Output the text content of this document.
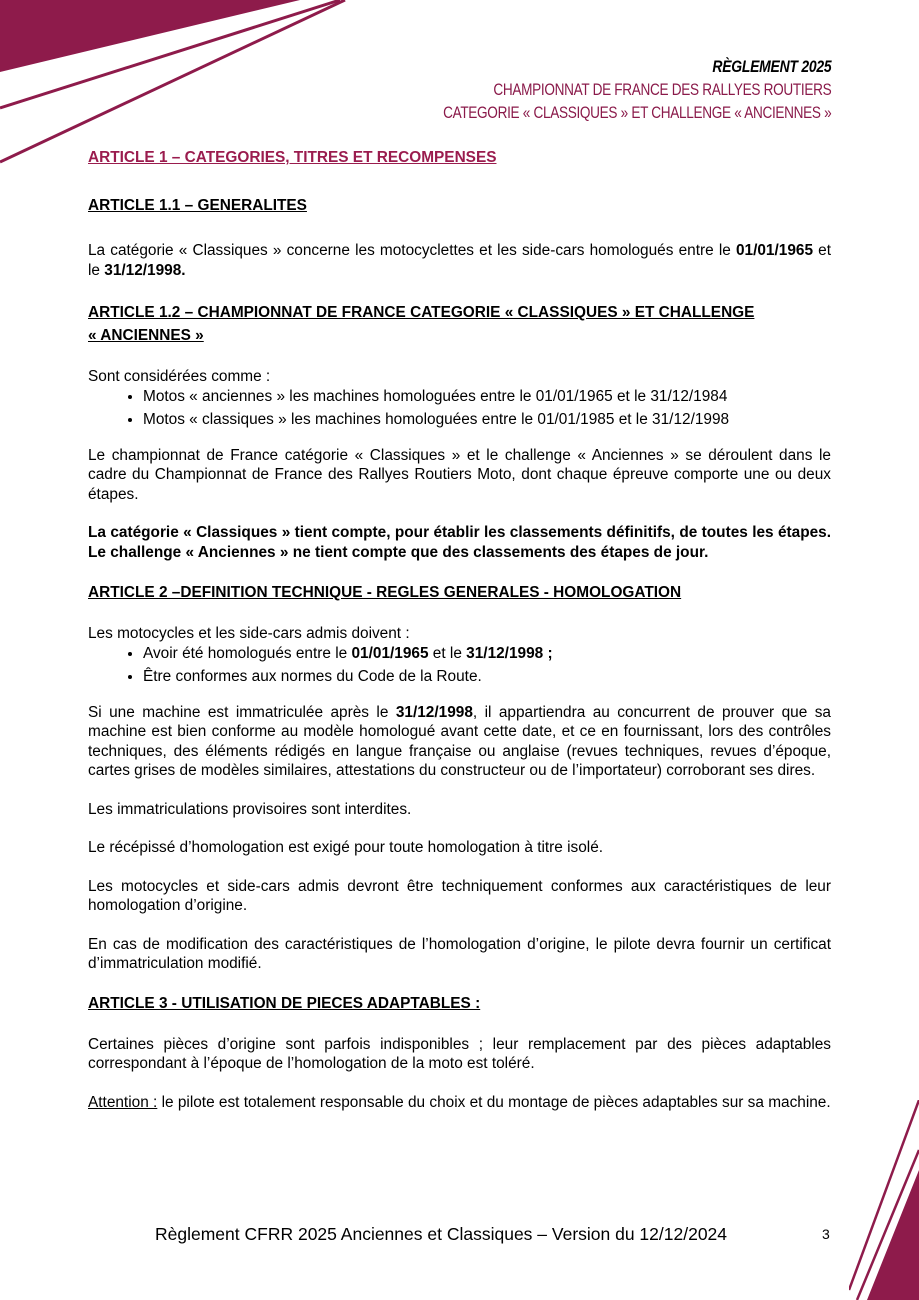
RÈGLEMENT 2025
CHAMPIONNAT DE FRANCE DES RALLYES ROUTIERS
CATEGORIE « CLASSIQUES » ET CHALLENGE « ANCIENNES »
ARTICLE 1 – CATEGORIES, TITRES ET RECOMPENSES
ARTICLE 1.1 – GENERALITES

La catégorie « Classiques » concerne les motocyclettes et les side-cars homologués entre le 01/01/1965 et le 31/12/1998.

ARTICLE 1.2 – CHAMPIONNAT DE FRANCE CATEGORIE « CLASSIQUES » ET CHALLENGE
« ANCIENNES »

Sont considérées comme :

• Motos « anciennes » les machines homologuées entre le 01/01/1965 et le 31/12/1984
• Motos « classiques » les machines homologuées entre le 01/01/1985 et le 31/12/1998

Le championnat de France catégorie « Classiques » et le challenge « Anciennes » se déroulent dans le cadre du Championnat de France des Rallyes Routiers Moto, dont chaque épreuve comporte une ou deux étapes.

La catégorie « Classiques » tient compte, pour établir les classements définitifs, de toutes les étapes. Le challenge « Anciennes » ne tient compte que des classements des étapes de jour.

ARTICLE 2 –DEFINITION TECHNIQUE - REGLES GENERALES - HOMOLOGATION

Les motocycles et les side-cars admis doivent :

• Avoir été homologués entre le 01/01/1965 et le 31/12/1998 ;
• Être conformes aux normes du Code de la Route.

Si une machine est immatriculée après le 31/12/1998, il appartiendra au concurrent de prouver que sa machine est bien conforme au modèle homologué avant cette date, et ce en fournissant, lors des contrôles techniques, des éléments rédigés en langue française ou anglaise (revues techniques, revues d’époque, cartes grises de modèles similaires, attestations du constructeur ou de l’importateur) corroborant ses dires.

Les immatriculations provisoires sont interdites.

Le récépissé d’homologation est exigé pour toute homologation à titre isolé.

Les motocycles et side-cars admis devront être techniquement conformes aux caractéristiques de leur homologation d’origine.

En cas de modification des caractéristiques de l’homologation d’origine, le pilote devra fournir un certificat d’immatriculation modifié.

ARTICLE 3 - UTILISATION DE PIECES ADAPTABLES :

Certaines pièces d’origine sont parfois indisponibles ; leur remplacement par des pièces adaptables correspondant à l’époque de l’homologation de la moto est toléré.

Attention : le pilote est totalement responsable du choix et du montage de pièces adaptables sur sa machine.

Règlement CFRR 2025 Anciennes et Classiques – Version du 12/12/2024	3
